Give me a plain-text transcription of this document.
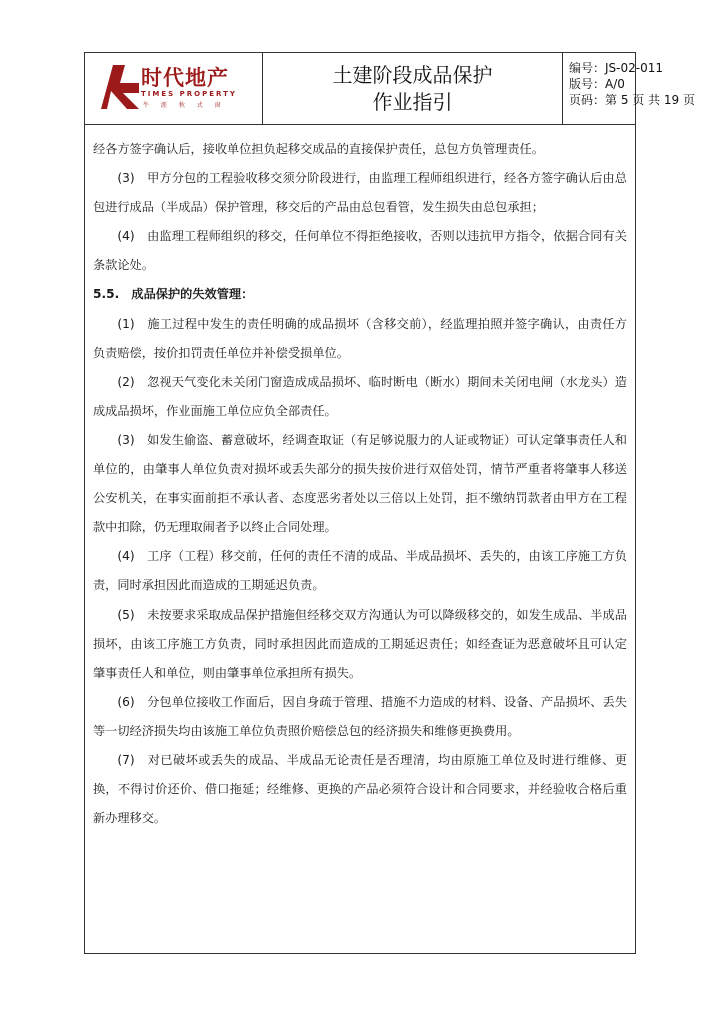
时代地产
TIMES PROPERTY
牛 涯 秋 式 窗
土建阶段成品保护
作业指引
编号：JS-02-011
版号：A/0
页码：第 5 页 共 19 页

经各方签字确认后，接收单位担负起移交成品的直接保护责任，总包方负管理责任。

(3)　甲方分包的工程验收移交须分阶段进行，由监理工程师组织进行，经各方签字确认后由总包进行成品（半成品）保护管理，移交后的产品由总包看管，发生损失由总包承担；

(4)　由监理工程师组织的移交，任何单位不得拒绝接收，否则以违抗甲方指令，依据合同有关条款论处。

5.5.　成品保护的失效管理：

(1)　施工过程中发生的责任明确的成品损坏（含移交前），经监理拍照并签字确认，由责任方负责赔偿，按价扣罚责任单位并补偿受损单位。

(2)　忽视天气变化未关闭门窗造成成品损坏、临时断电（断水）期间未关闭电闸（水龙头）造成成品损坏，作业面施工单位应负全部责任。

(3)　如发生偷盗、蓄意破坏，经调查取证（有足够说服力的人证或物证）可认定肇事责任人和单位的，由肇事人单位负责对损坏或丢失部分的损失按价进行双倍处罚，情节严重者将肇事人移送公安机关，在事实面前拒不承认者、态度恶劣者处以三倍以上处罚，拒不缴纳罚款者由甲方在工程款中扣除，仍无理取闹者予以终止合同处理。

(4)　工序（工程）移交前，任何的责任不清的成品、半成品损坏、丢失的，由该工序施工方负责，同时承担因此而造成的工期延迟负责。

(5)　未按要求采取成品保护措施但经移交双方沟通认为可以降级移交的，如发生成品、半成品损坏，由该工序施工方负责，同时承担因此而造成的工期延迟责任；如经查证为恶意破坏且可认定肇事责任人和单位，则由肇事单位承担所有损失。

(6)　分包单位接收工作面后，因自身疏于管理、措施不力造成的材料、设备、产品损坏、丢失等一切经济损失均由该施工单位负责照价赔偿总包的经济损失和维修更换费用。

(7)　对已破坏或丢失的成品、半成品无论责任是否理清，均由原施工单位及时进行维修、更换，不得讨价还价、借口拖延；经维修、更换的产品必须符合设计和合同要求，并经验收合格后重新办理移交。
